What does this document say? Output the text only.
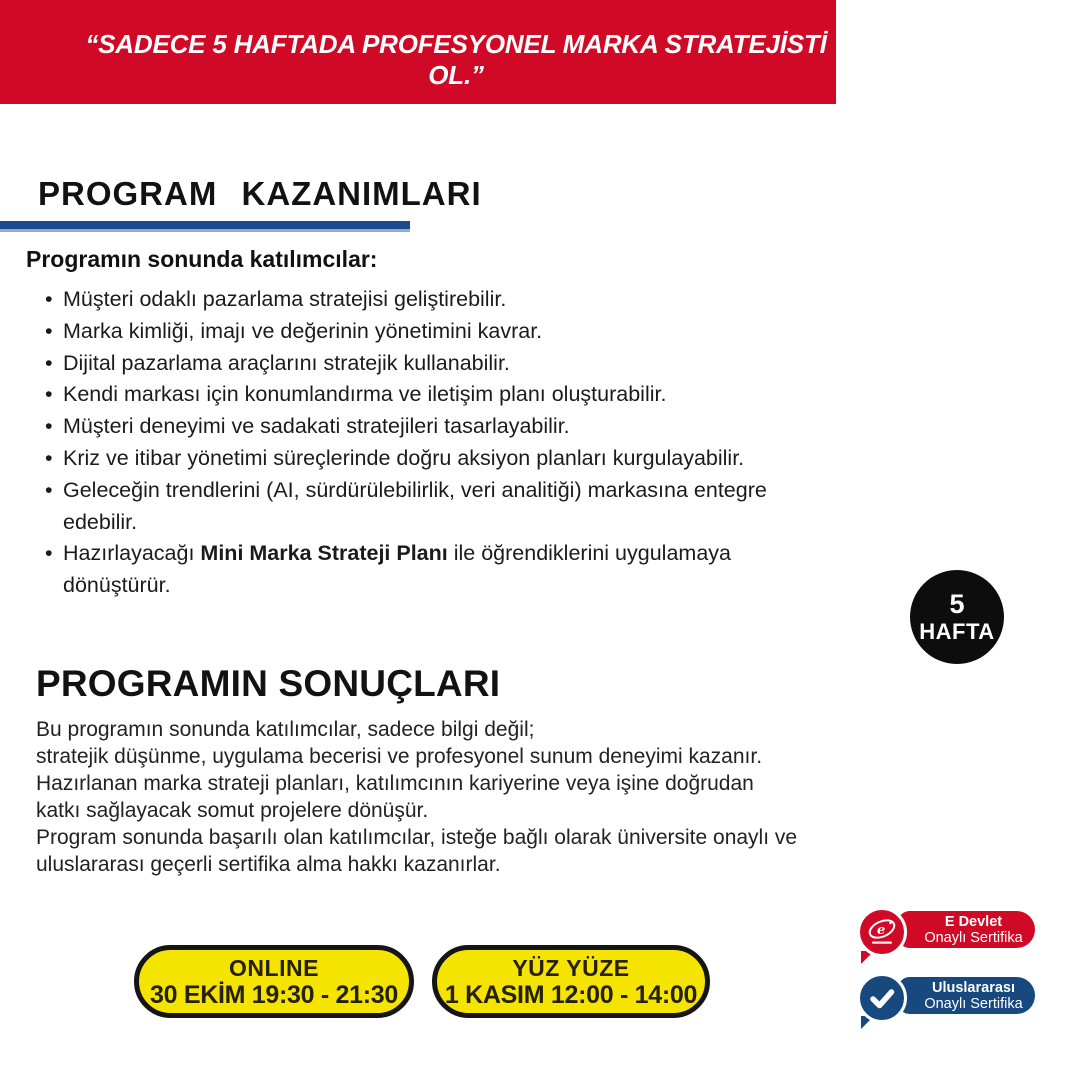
“SADECE 5 HAFTADA PROFESYONEL MARKA STRATEJİSTİ OL.”
PROGRAM KAZANIMLARI

Programın sonunda katılımcılar:

• Müşteri odaklı pazarlama stratejisi geliştirebilir.
• Marka kimliği, imajı ve değerinin yönetimini kavrar.
• Dijital pazarlama araçlarını stratejik kullanabilir.
• Kendi markası için konumlandırma ve iletişim planı oluşturabilir.
• Müşteri deneyimi ve sadakati stratejileri tasarlayabilir.
• Kriz ve itibar yönetimi süreçlerinde doğru aksiyon planları kurgulayabilir.
• Geleceğin trendlerini (AI, sürdürülebilirlik, veri analitiği) markasına entegre edebilir.
• Hazırlayacağı Mini Marka Strateji Planı ile öğrendiklerini uygulamaya dönüştürür.
5
HAFTA
PROGRAMIN SONUÇLARI
Bu programın sonunda katılımcılar, sadece bilgi değil;
stratejik düşünme, uygulama becerisi ve profesyonel sunum deneyimi kazanır.
Hazırlanan marka strateji planları, katılımcının kariyerine veya işine doğrudan
katkı sağlayacak somut projelere dönüşür.
Program sonunda başarılı olan katılımcılar, isteğe bağlı olarak üniversite onaylı ve
uluslararası geçerli sertifika alma hakkı kazanırlar.
ONLINE
30 EKİM 19:30 - 21:30
YÜZ YÜZE
1 KASIM 12:00 - 14:00
E Devlet
Onaylı Sertifika
e
Uluslararası
Onaylı Sertifika
